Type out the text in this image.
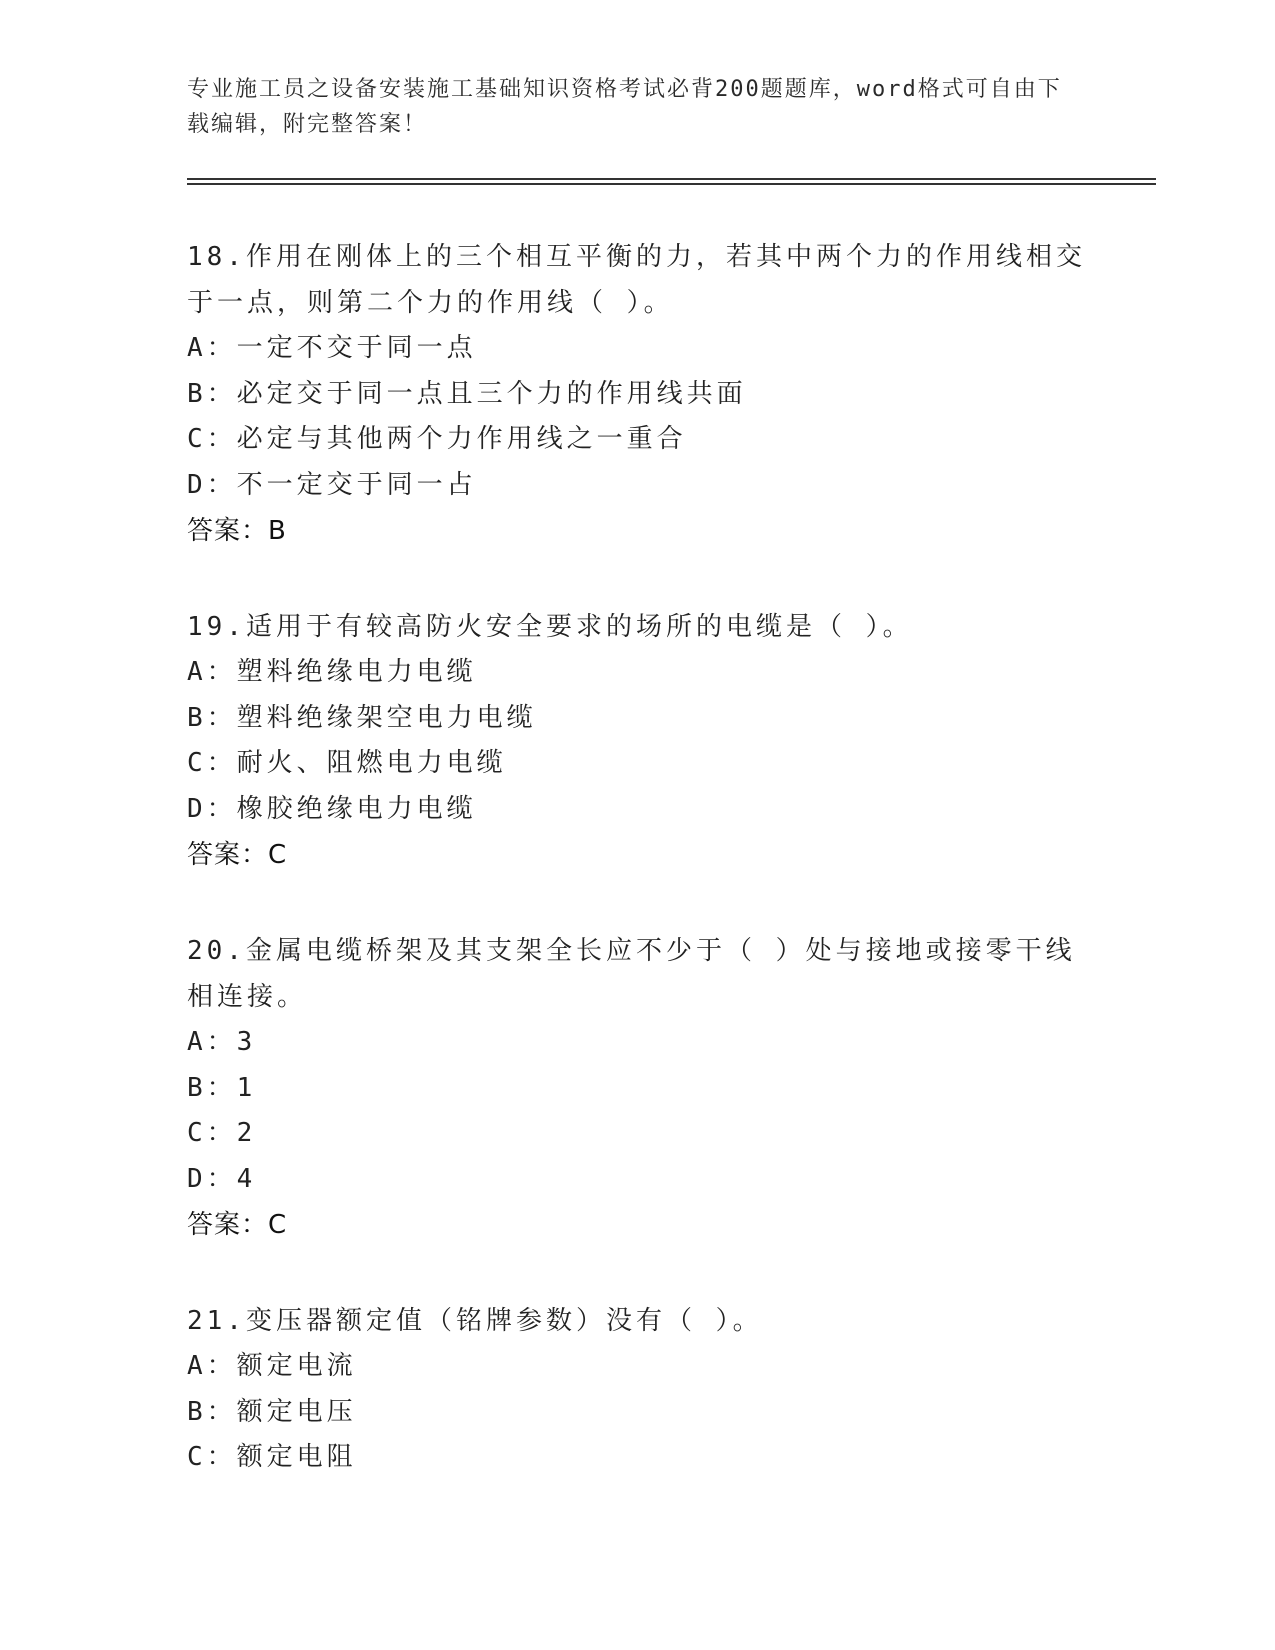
专业施工员之设备安装施工基础知识资格考试必背200题题库，word格式可自由下载编辑，附完整答案！
18.作用在刚体上的三个相互平衡的力，若其中两个力的作用线相交于一点，则第二个力的作用线（ ）。
A：一定不交于同一点
B：必定交于同一点且三个力的作用线共面
C：必定与其他两个力作用线之一重合
D：不一定交于同一占
答案：B
19.适用于有较高防火安全要求的场所的电缆是（ ）。
A：塑料绝缘电力电缆
B：塑料绝缘架空电力电缆
C：耐火、阻燃电力电缆
D：橡胶绝缘电力电缆
答案：C
20.金属电缆桥架及其支架全长应不少于（ ）处与接地或接零干线相连接。
A：3
B：1
C：2
D：4
答案：C
21.变压器额定值（铭牌参数）没有（ ）。
A：额定电流
B：额定电压
C：额定电阻
